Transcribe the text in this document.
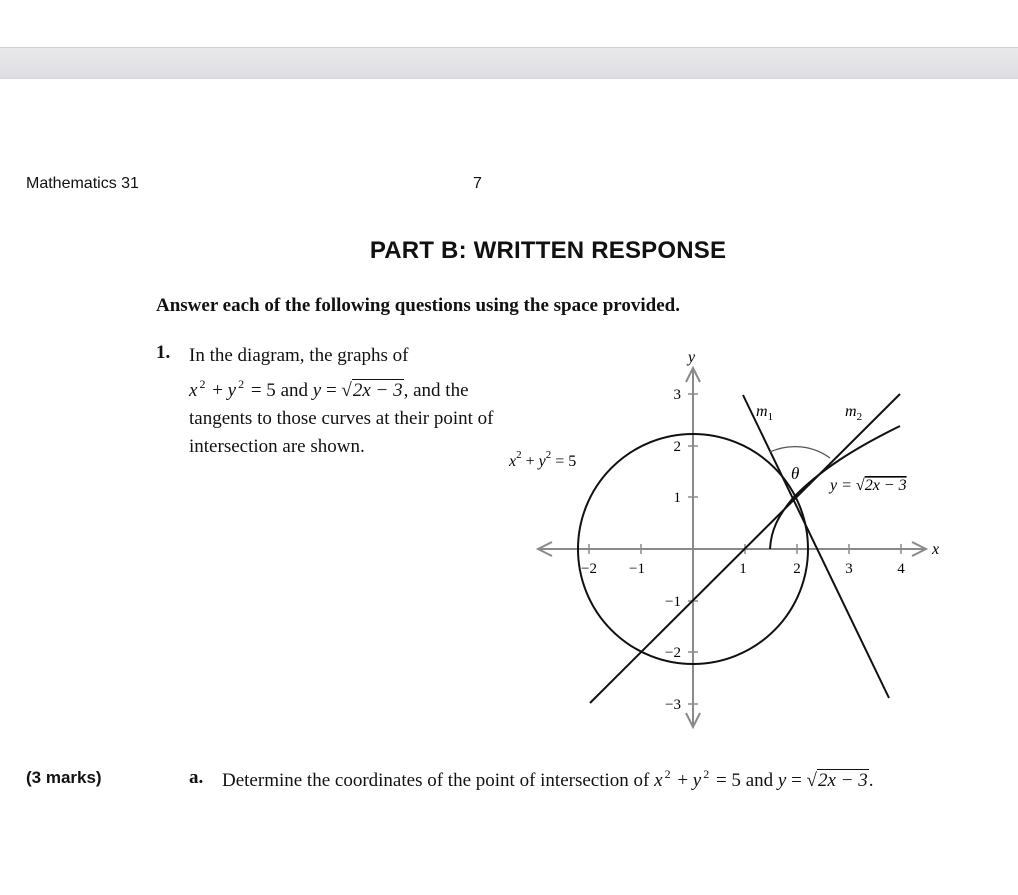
Mathematics 31	7
PART B: WRITTEN RESPONSE
Answer each of the following questions using the space provided.
1. In the diagram, the graphs of
x $^2$ + y $^2$ = 5 and y = √2x − 3, and the
tangents to those curves at their point of
intersection are shown.
−2 −1	1	2	3	4
3
2
1
−1
−2
−3
x
y
$m_1$	$m_2$
θ
$x^2 + y^2 = 5$
y = √2x − 3
(3 marks)	a. Determine the coordinates of the point of intersection of x $^2$ + y $^2$ = 5 and y = √2x − 3.
